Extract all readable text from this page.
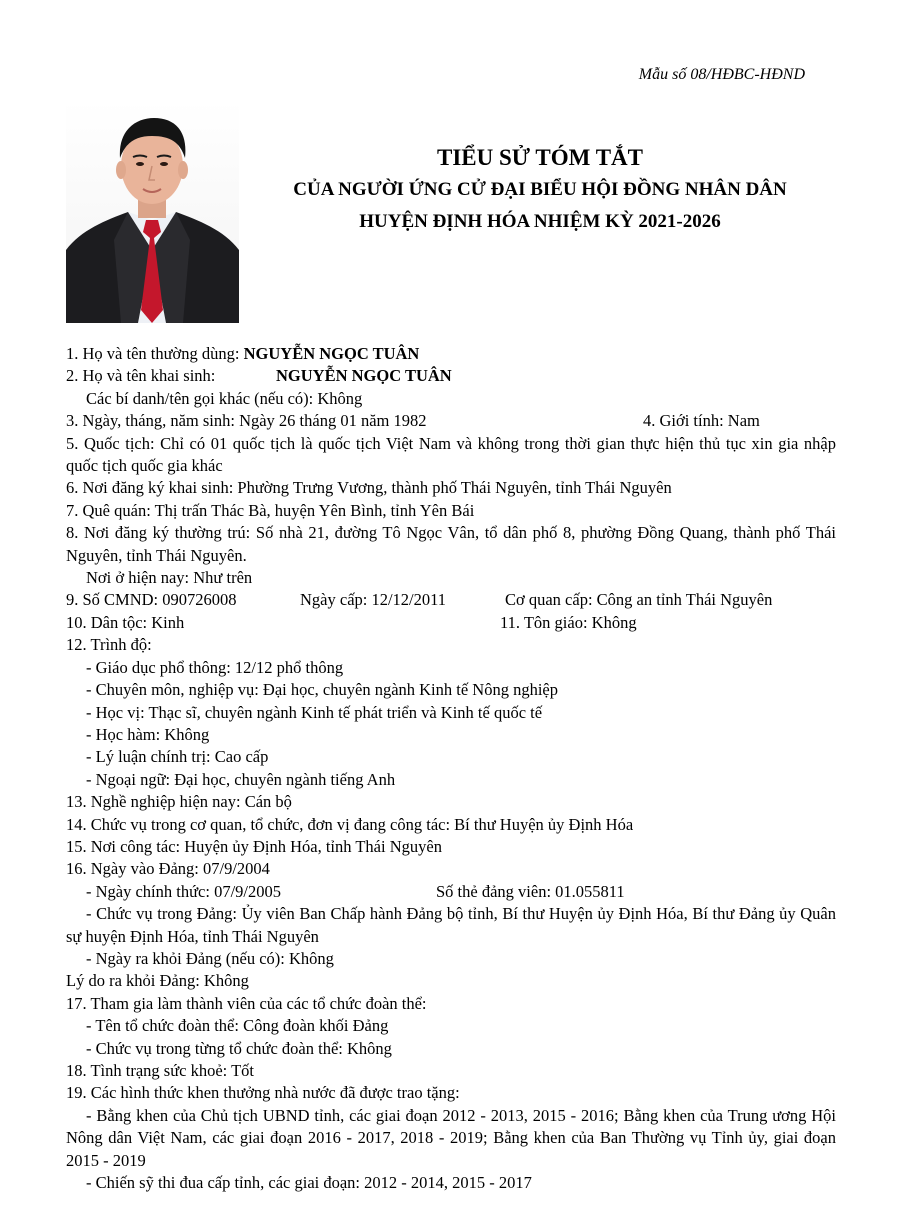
Mẫu số 08/HĐBC-HĐND
TIỂU SỬ TÓM TẮT
CỦA NGƯỜI ỨNG CỬ ĐẠI BIỂU HỘI ĐỒNG NHÂN DÂN
HUYỆN ĐỊNH HÓA NHIỆM KỲ 2021-2026
1. Họ và tên thường dùng: NGUYỄN NGỌC TUÂN
2. Họ và tên khai sinh:	NGUYỄN NGỌC TUÂN
Các bí danh/tên gọi khác (nếu có): Không
3. Ngày, tháng, năm sinh: Ngày 26 tháng 01 năm 1982	4. Giới tính: Nam
5. Quốc tịch: Chỉ có 01 quốc tịch là quốc tịch Việt Nam và không trong thời gian thực hiện thủ tục xin gia nhập quốc tịch quốc gia khác
6. Nơi đăng ký khai sinh: Phường Trưng Vương, thành phố Thái Nguyên, tỉnh Thái Nguyên
7. Quê quán: Thị trấn Thác Bà, huyện Yên Bình, tỉnh Yên Bái
8. Nơi đăng ký thường trú: Số nhà 21, đường Tô Ngọc Vân, tổ dân phố 8, phường Đồng Quang, thành phố Thái Nguyên, tỉnh Thái Nguyên.
Nơi ở hiện nay: Như trên
9. Số CMND: 090726008	Ngày cấp: 12/12/2011	Cơ quan cấp: Công an tỉnh Thái Nguyên
10. Dân tộc: Kinh	11. Tôn giáo: Không
12. Trình độ:
- Giáo dục phổ thông: 12/12 phổ thông
- Chuyên môn, nghiệp vụ: Đại học, chuyên ngành Kinh tế Nông nghiệp
- Học vị: Thạc sĩ, chuyên ngành Kinh tế phát triển và Kinh tế quốc tế
- Học hàm: Không
- Lý luận chính trị: Cao cấp
- Ngoại ngữ: Đại học, chuyên ngành tiếng Anh
13. Nghề nghiệp hiện nay: Cán bộ
14. Chức vụ trong cơ quan, tổ chức, đơn vị đang công tác: Bí thư Huyện ủy Định Hóa
15. Nơi công tác: Huyện ủy Định Hóa, tỉnh Thái Nguyên
16. Ngày vào Đảng: 07/9/2004
- Ngày chính thức: 07/9/2005	Số thẻ đảng viên: 01.055811
- Chức vụ trong Đảng: Ủy viên Ban Chấp hành Đảng bộ tỉnh, Bí thư Huyện ủy Định Hóa, Bí thư Đảng ủy Quân sự huyện Định Hóa, tỉnh Thái Nguyên
- Ngày ra khỏi Đảng (nếu có): Không
Lý do ra khỏi Đảng: Không
17. Tham gia làm thành viên của các tổ chức đoàn thể:
- Tên tổ chức đoàn thể: Công đoàn khối Đảng
- Chức vụ trong từng tổ chức đoàn thể: Không
18. Tình trạng sức khoẻ: Tốt
19. Các hình thức khen thưởng nhà nước đã được trao tặng:
- Bằng khen của Chủ tịch UBND tỉnh, các giai đoạn 2012 - 2013, 2015 - 2016; Bằng khen của Trung ương Hội Nông dân Việt Nam, các giai đoạn 2016 - 2017, 2018 - 2019; Bằng khen của Ban Thường vụ Tỉnh ủy, giai đoạn 2015 - 2019
- Chiến sỹ thi đua cấp tỉnh, các giai đoạn: 2012 - 2014, 2015 - 2017
